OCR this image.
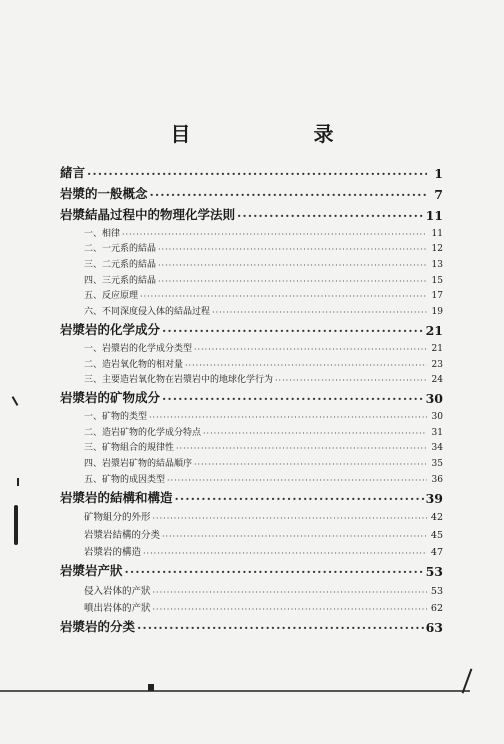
目 录
緒言 ·····	1
岩漿的一般概念 ·····	7
岩漿結晶过程中的物理化学法則 ·····	11
一、相律 ·····	11
二、一元系的結晶 ·····	12
三、二元系的結晶 ·····	13
四、三元系的結晶 ·····	15
五、反应原理 ·····	17
六、不同深度侵入体的結晶过程 ·····	19
岩漿岩的化学成分 ·····	21
一、岩漿岩的化学成分类型 ·····	21
二、造岩氧化物的相对量 ·····	23
三、主要造岩氧化物在岩漿岩中的地球化学行为 ·····	24
岩漿岩的矿物成分 ·····	30
一、矿物的类型 ·····	30
二、造岩矿物的化学成分特点 ·····	31
三、矿物組合的規律性 ·····	34
四、岩漿岩矿物的結晶順序 ·····	35
五、矿物的成因类型 ·····	36
岩漿岩的結構和構造 ·····	39
矿物組分的外形 ·····	42
岩漿岩結構的分类 ·····	45
岩漿岩的構造 ·····	47
岩漿岩产狀 ·····	53
侵入岩体的产狀 ·····	53
噴出岩体的产狀 ·····	62
岩漿岩的分类 ·····	63
